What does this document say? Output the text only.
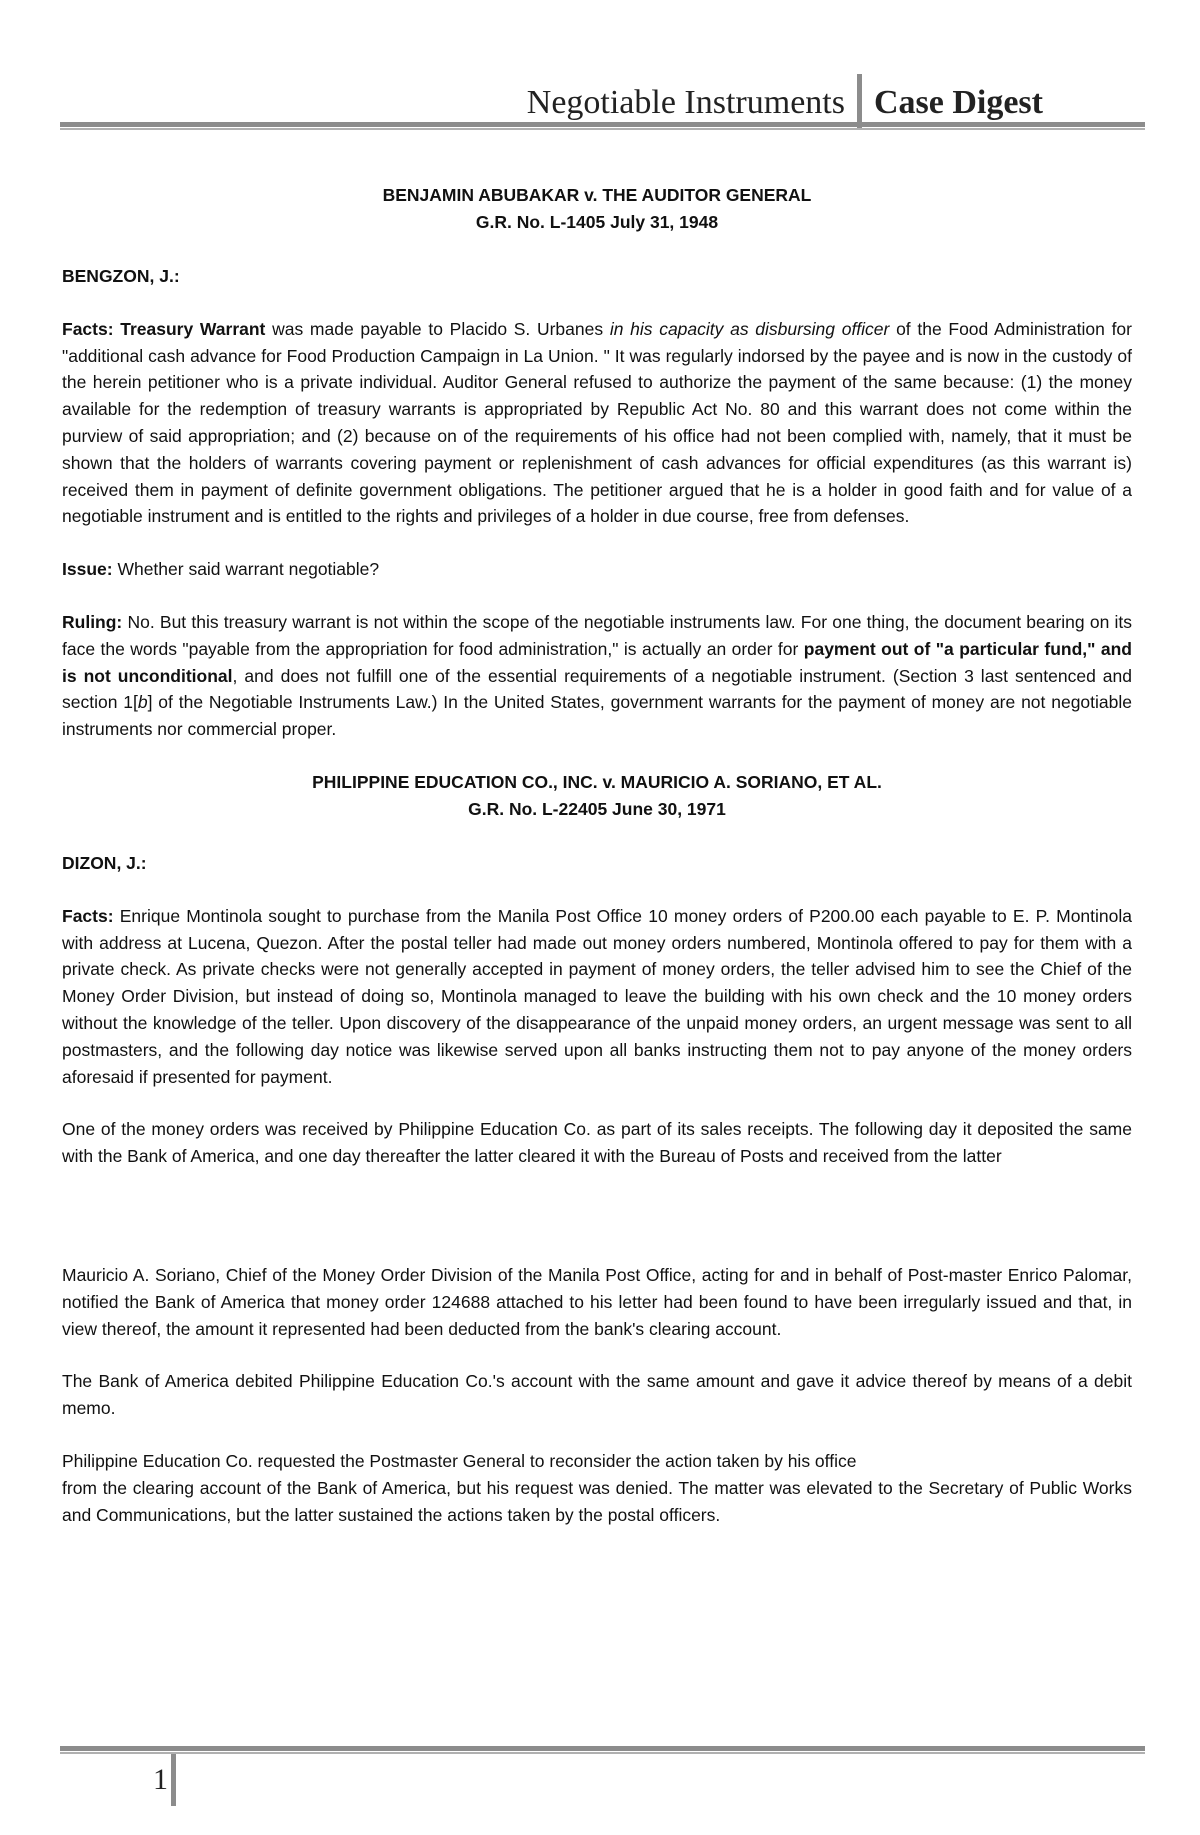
Negotiable Instruments Case Digest
BENJAMIN ABUBAKAR v. THE AUDITOR GENERAL
G.R. No. L-1405 July 31, 1948
BENGZON, J.:

Facts: Treasury Warrant was made payable to Placido S. Urbanes in his capacity as disbursing officer of the Food Administration for "additional cash advance for Food Production Campaign in La Union. " It was regularly indorsed by the payee and is now in the custody of the herein petitioner who is a private individual. Auditor General refused to authorize the payment of the same because: (1) the money available for the redemption of treasury warrants is appropriated by Republic Act No. 80 and this warrant does not come within the purview of said appropriation; and (2) because on of the requirements of his office had not been complied with, namely, that it must be shown that the holders of warrants covering payment or replenishment of cash advances for official expenditures (as this warrant is) received them in payment of definite government obligations. The petitioner argued that he is a holder in good faith and for value of a negotiable instrument and is entitled to the rights and privileges of a holder in due course, free from defenses.

Issue: Whether said warrant negotiable?

Ruling: No. But this treasury warrant is not within the scope of the negotiable instruments law. For one thing, the document bearing on its face the words "payable from the appropriation for food administration," is actually an order for payment out of "a particular fund," and is not unconditional, and does not fulfill one of the essential requirements of a negotiable instrument. (Section 3 last sentenced and section 1[b] of the Negotiable Instruments Law.) In the United States, government warrants for the payment of money are not negotiable instruments nor commercial proper.

PHILIPPINE EDUCATION CO., INC. v. MAURICIO A. SORIANO, ET AL.
G.R. No. L-22405 June 30, 1971
DIZON, J.:

Facts: Enrique Montinola sought to purchase from the Manila Post Office 10 money orders of P200.00 each payable to E. P. Montinola with address at Lucena, Quezon. After the postal teller had made out money orders numbered, Montinola offered to pay for them with a private check. As private checks were not generally accepted in payment of money orders, the teller advised him to see the Chief of the Money Order Division, but instead of doing so, Montinola managed to leave the building with his own check and the 10 money orders without the knowledge of the teller. Upon discovery of the disappearance of the unpaid money orders, an urgent message was sent to all postmasters, and the following day notice was likewise served upon all banks instructing them not to pay anyone of the money orders aforesaid if presented for payment.

One of the money orders was received by Philippine Education Co. as part of its sales receipts. The following day it deposited the same with the Bank of America, and one day thereafter the latter cleared it with the Bureau of Posts and received from the latter

Mauricio A. Soriano, Chief of the Money Order Division of the Manila Post Office, acting for and in behalf of Post-master Enrico Palomar, notified the Bank of America that money order 124688 attached to his letter had been found to have been irregularly issued and that, in view thereof, the amount it represented had been deducted from the bank's clearing account.

The Bank of America debited Philippine Education Co.'s account with the same amount and gave it advice thereof by means of a debit memo.

Philippine Education Co. requested the Postmaster General to reconsider the action taken by his office
from the clearing account of the Bank of America, but his request was denied. The matter was elevated to the Secretary of Public Works and Communications, but the latter sustained the actions taken by the postal officers.

1
